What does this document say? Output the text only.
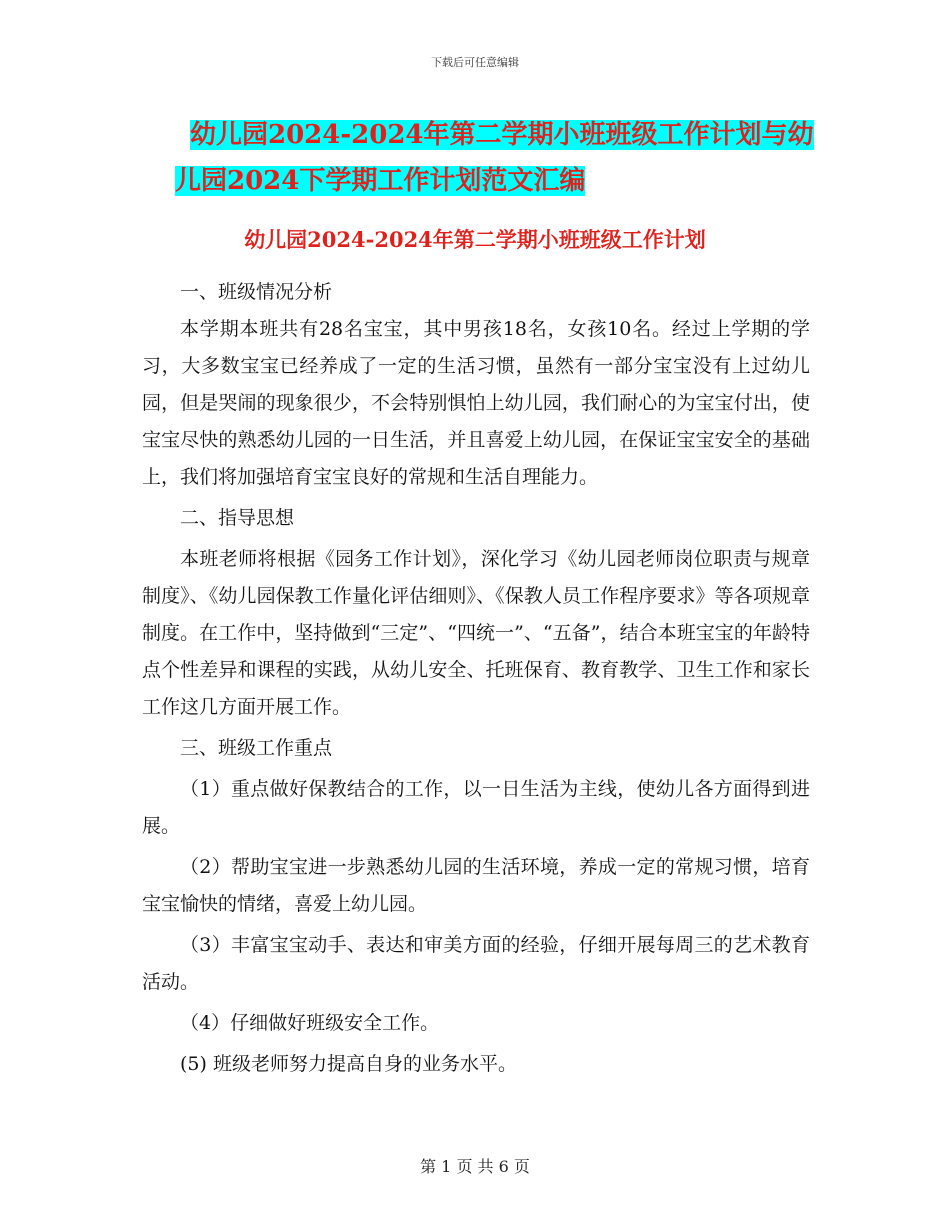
下载后可任意编辑
幼儿园2024-2024年第二学期小班班级工作计划与幼
儿园2024下学期工作计划范文汇编
幼儿园2024-2024年第二学期小班班级工作计划

一、班级情况分析

本学期本班共有28名宝宝，其中男孩18名，女孩10名。经过上学期的学习，大多数宝宝已经养成了一定的生活习惯，虽然有一部分宝宝没有上过幼儿园，但是哭闹的现象很少，不会特别惧怕上幼儿园，我们耐心的为宝宝付出，使宝宝尽快的熟悉幼儿园的一日生活，并且喜爱上幼儿园，在保证宝宝安全的基础上，我们将加强培育宝宝良好的常规和生活自理能力。

二、指导思想

本班老师将根据《园务工作计划》，深化学习《幼儿园老师岗位职责与规章制度》、《幼儿园保教工作量化评估细则》、《保教人员工作程序要求》等各项规章制度。在工作中，坚持做到“三定”、“四统一”、“五备”，结合本班宝宝的年龄特点个性差异和课程的实践，从幼儿安全、托班保育、教育教学、卫生工作和家长工作这几方面开展工作。

三、班级工作重点

（1）重点做好保教结合的工作，以一日生活为主线，使幼儿各方面得到进展。

（2）帮助宝宝进一步熟悉幼儿园的生活环境，养成一定的常规习惯，培育宝宝愉快的情绪，喜爱上幼儿园。

（3）丰富宝宝动手、表达和审美方面的经验，仔细开展每周三的艺术教育活动。

（4）仔细做好班级安全工作。

(5) 班级老师努力提高自身的业务水平。

第 1 页 共 6 页
